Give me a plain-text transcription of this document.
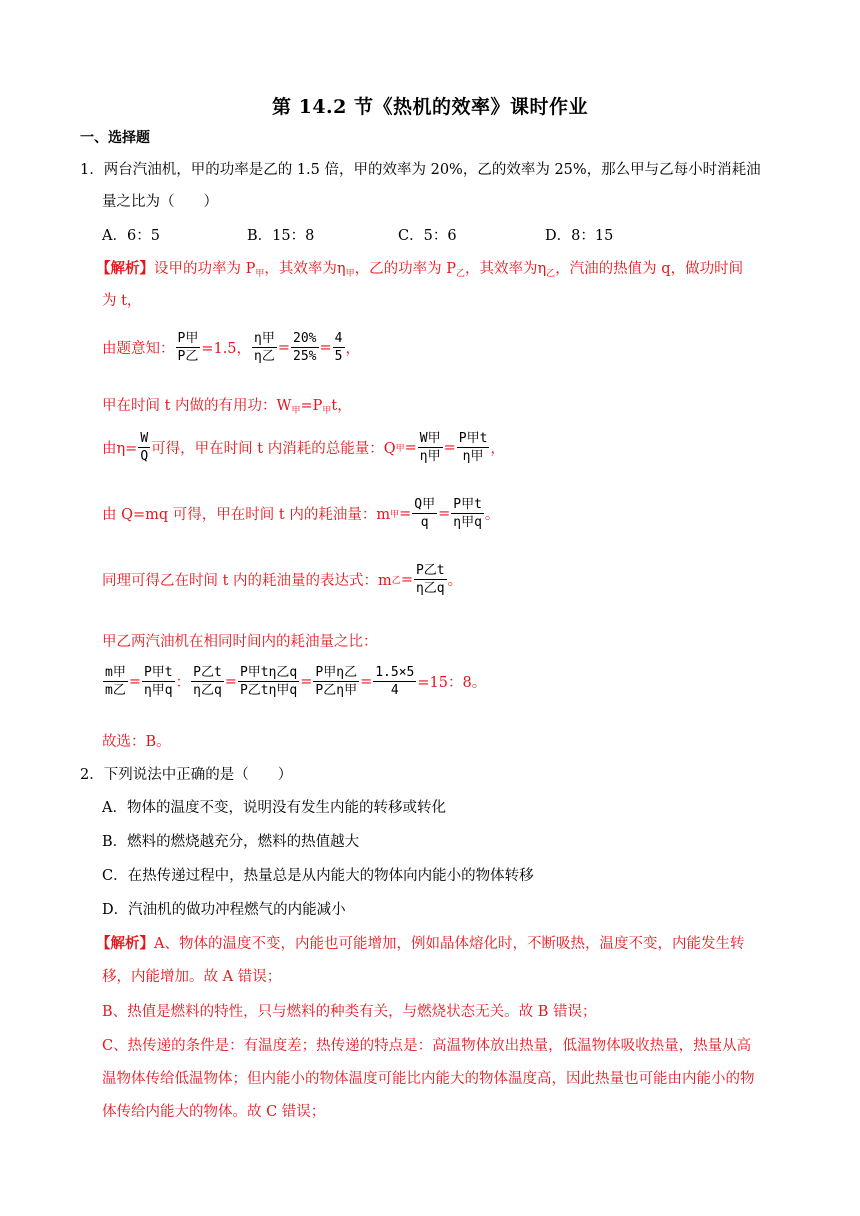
第 14.2 节《热机的效率》课时作业
一、选择题
1．两台汽油机，甲的功率是乙的 1.5 倍，甲的效率为 20%，乙的效率为 25%，那么甲与乙每小时消耗油
量之比为（　　）
A．6：5	B．15：8	C．5：6	D．8：15
【解析】设甲的功率为 $P_甲$，其效率为$\eta_甲$，乙的功率为 $P_乙$，其效率为$\eta_乙$，汽油的热值为 q，做功时间
为 t，
由题意知： $\frac{\text{P甲}}{\text{P乙}} =1.5$， $\frac{\text{η甲}}{\text{η乙}} = \frac{20\%}{25\%} = \frac{4}{5}$ ，
甲在时间 t 内做的有用功：$W_甲=P_甲t$，
由$\eta= \frac{W}{Q}$ 可得，甲在时间 t 内消耗的总能量：Q 甲 = $\frac{\text{W甲}}{\text{η甲}} = \frac{\text{P甲t}}{\text{η甲}}$ ，
由 Q=mq 可得，甲在时间 t 内的耗油量：m 甲 = $\frac{\text{Q甲}}{q} = \frac{\text{P甲t}}{\text{η甲q}}$ 。
同理可得乙在时间 t 内的耗油量的表达式：m 乙 = $\frac{\text{P乙t}}{\text{η乙q}}$ 。
甲乙两汽油机在相同时间内的耗油量之比：
$\frac{\text{m甲}}{\text{m乙}} = \frac{\text{P甲t}}{\text{η甲q}}$ ： $\frac{\text{P乙t}}{\text{η乙q}} = \frac{\text{P甲tη乙q}}{\text{P乙tη甲q}} = \frac{\text{P甲η乙}}{\text{P乙η甲}} = \frac{1.5\times 5}{4} =15$：8。
故选：B。
2．下列说法中正确的是（　　）
A．物体的温度不变，说明没有发生内能的转移或转化
B．燃料的燃烧越充分，燃料的热值越大
C．在热传递过程中，热量总是从内能大的物体向内能小的物体转移
D．汽油机的做功冲程燃气的内能减小
【解析】A、物体的温度不变，内能也可能增加，例如晶体熔化时，不断吸热，温度不变，内能发生转
移，内能增加。故 A 错误；
B、热值是燃料的特性，只与燃料的种类有关，与燃烧状态无关。故 B 错误；
C、热传递的条件是：有温度差；热传递的特点是：高温物体放出热量，低温物体吸收热量，热量从高
温物体传给低温物体；但内能小的物体温度可能比内能大的物体温度高，因此热量也可能由内能小的物
体传给内能大的物体。故 C 错误；
